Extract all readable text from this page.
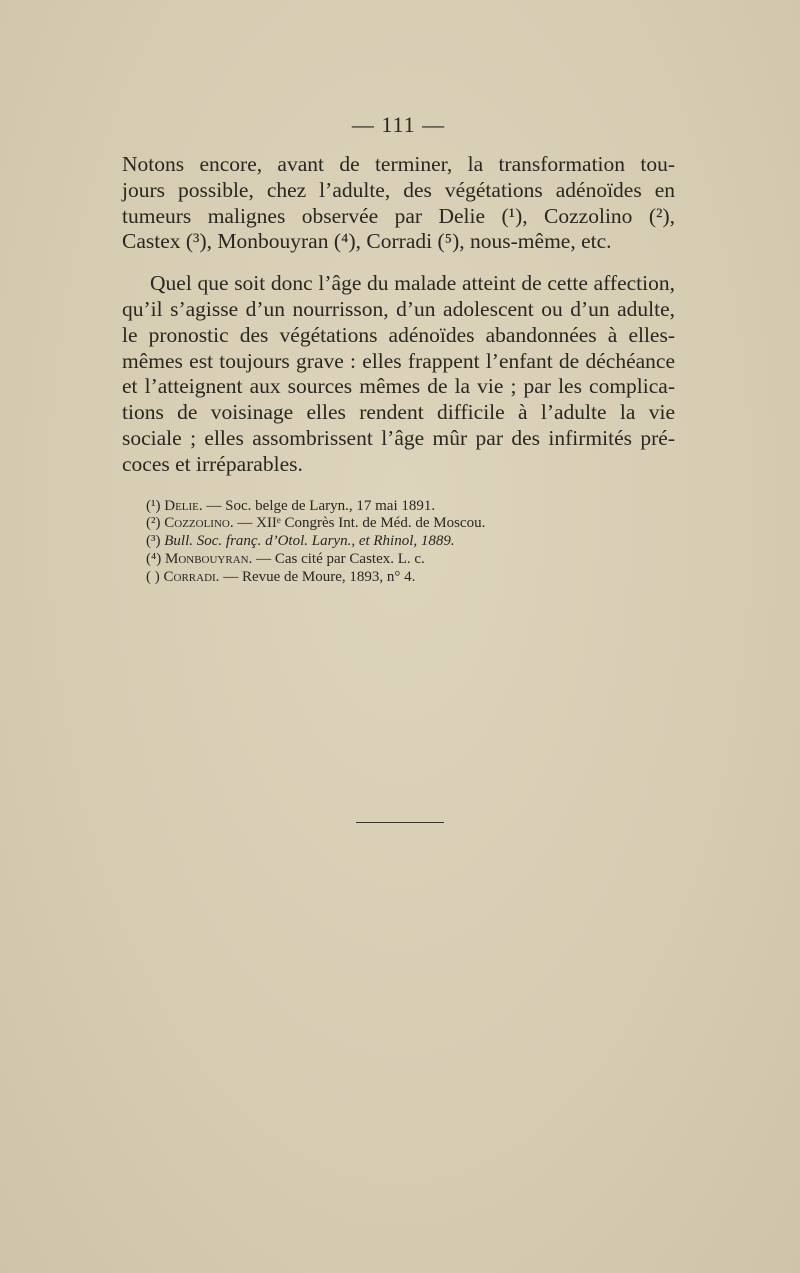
— 111 —

Notons encore, avant de terminer, la transformation tou-
jours possible, chez l’adulte, des végétations adénoïdes en
tumeurs malignes observée par Delie (¹), Cozzolino (²),
Castex (³), Monbouyran (⁴), Corradi (⁵), nous-même, etc.

Quel que soit donc l’âge du malade atteint de cette affection,
qu’il s’agisse d’un nourrisson, d’un adolescent ou d’un adulte,
le pronostic des végétations adénoïdes abandonnées à elles-
mêmes est toujours grave : elles frappent l’enfant de déchéance
et l’atteignent aux sources mêmes de la vie ; par les complica-
tions de voisinage elles rendent difficile à l’adulte la vie
sociale ; elles assombrissent l’âge mûr par des infirmités pré-
coces et irréparables.

(¹) Delie. — Soc. belge de Laryn., 17 mai 1891.
(²) Cozzolino. — XIIᵉ Congrès Int. de Méd. de Moscou.
(³) Bull. Soc. franç. d’Otol. Laryn., et Rhinol, 1889.
(⁴) Monbouyran. — Cas cité par Castex. L. c.
( ) Corradi. — Revue de Moure, 1893, n° 4.
